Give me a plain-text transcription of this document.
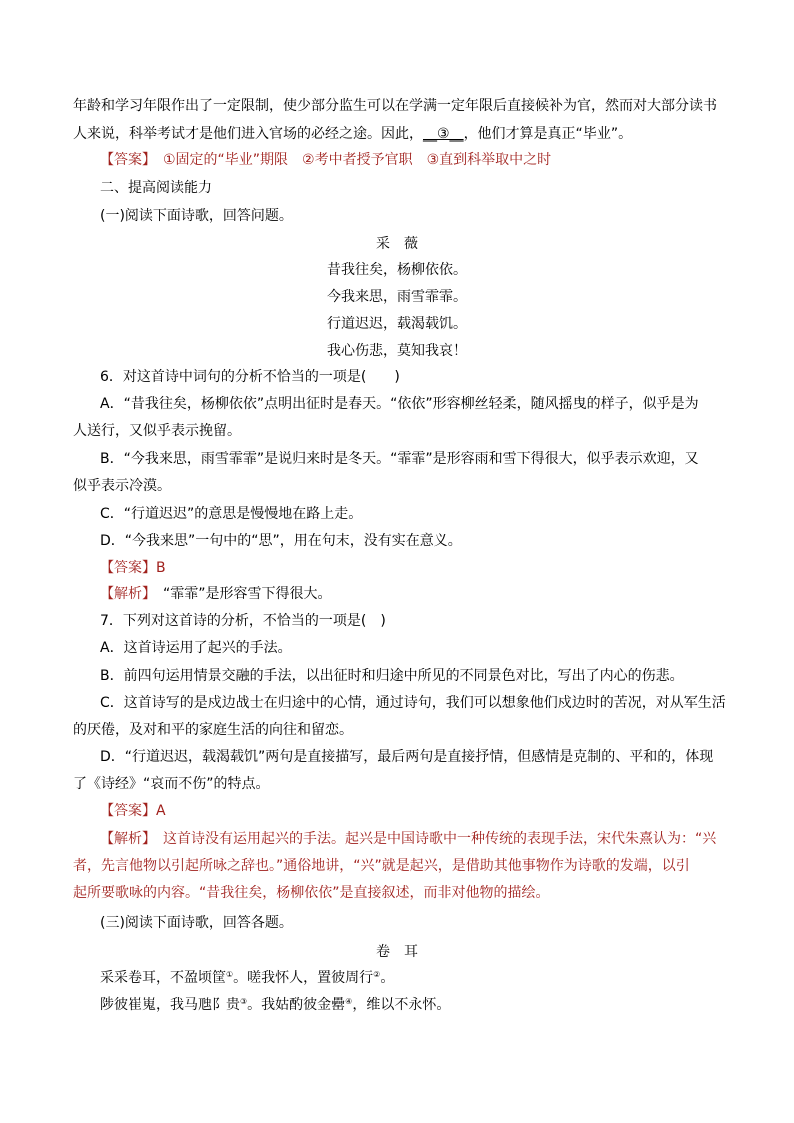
年龄和学习年限作出了一定限制，使少部分监生可以在学满一定年限后直接候补为官，然而对大部分读书
人来说，科举考试才是他们进入官场的必经之途。因此，__③__，他们才算是真正“毕业”。
【答案】　 ①固定的“毕业”期限　②考中者授予官职　③直到科举取中之时
二、提高阅读能力
(一)阅读下面诗歌，回答问题。
采　薇
昔我往矣，杨柳依依。
今我来思，雨雪霏霏。
行道迟迟，载渴载饥。
我心伤悲，莫知我哀！
6．对这首诗中词句的分析不恰当的一项是(　　)
A．“昔我往矣，杨柳依依”点明出征时是春天。“依依”形容柳丝轻柔，随风摇曳的样子，似乎是为
人送行，又似乎表示挽留。
B．“今我来思，雨雪霏霏”是说归来时是冬天。“霏霏”是形容雨和雪下得很大，似乎表示欢迎，又
似乎表示冷漠。
C．“行道迟迟”的意思是慢慢地在路上走。
D．“今我来思”一句中的“思”，用在句末，没有实在意义。
【答案】B
【解析】　 “霏霏”是形容雪下得很大。
7．下列对这首诗的分析，不恰当的一项是(　)
A．这首诗运用了起兴的手法。
B．前四句运用情景交融的手法，以出征时和归途中所见的不同景色对比，写出了内心的伤悲。
C．这首诗写的是戍边战士在归途中的心情，通过诗句，我们可以想象他们戍边时的苦况，对从军生活
的厌倦，及对和平的家庭生活的向往和留恋。
D．“行道迟迟，载渴载饥”两句是直接描写，最后两句是直接抒情，但感情是克制的、平和的，体现
了《诗经》“哀而不伤”的特点。
【答案】A
【解析】　 这首诗没有运用起兴的手法。起兴是中国诗歌中一种传统的表现手法，宋代朱熹认为：“兴
者，先言他物以引起所咏之辞也。”通俗地讲，“兴”就是起兴，是借助其他事物作为诗歌的发端，以引
起所要歌咏的内容。“昔我往矣，杨柳依依”是直接叙述，而非对他物的描绘。
(三)阅读下面诗歌，回答各题。
卷　耳
采采卷耳，不盈顷筐①。嗟我怀人，置彼周行②。
陟彼崔嵬，我马虺阝贵③。我姑酌彼金罍④，维以不永怀。
